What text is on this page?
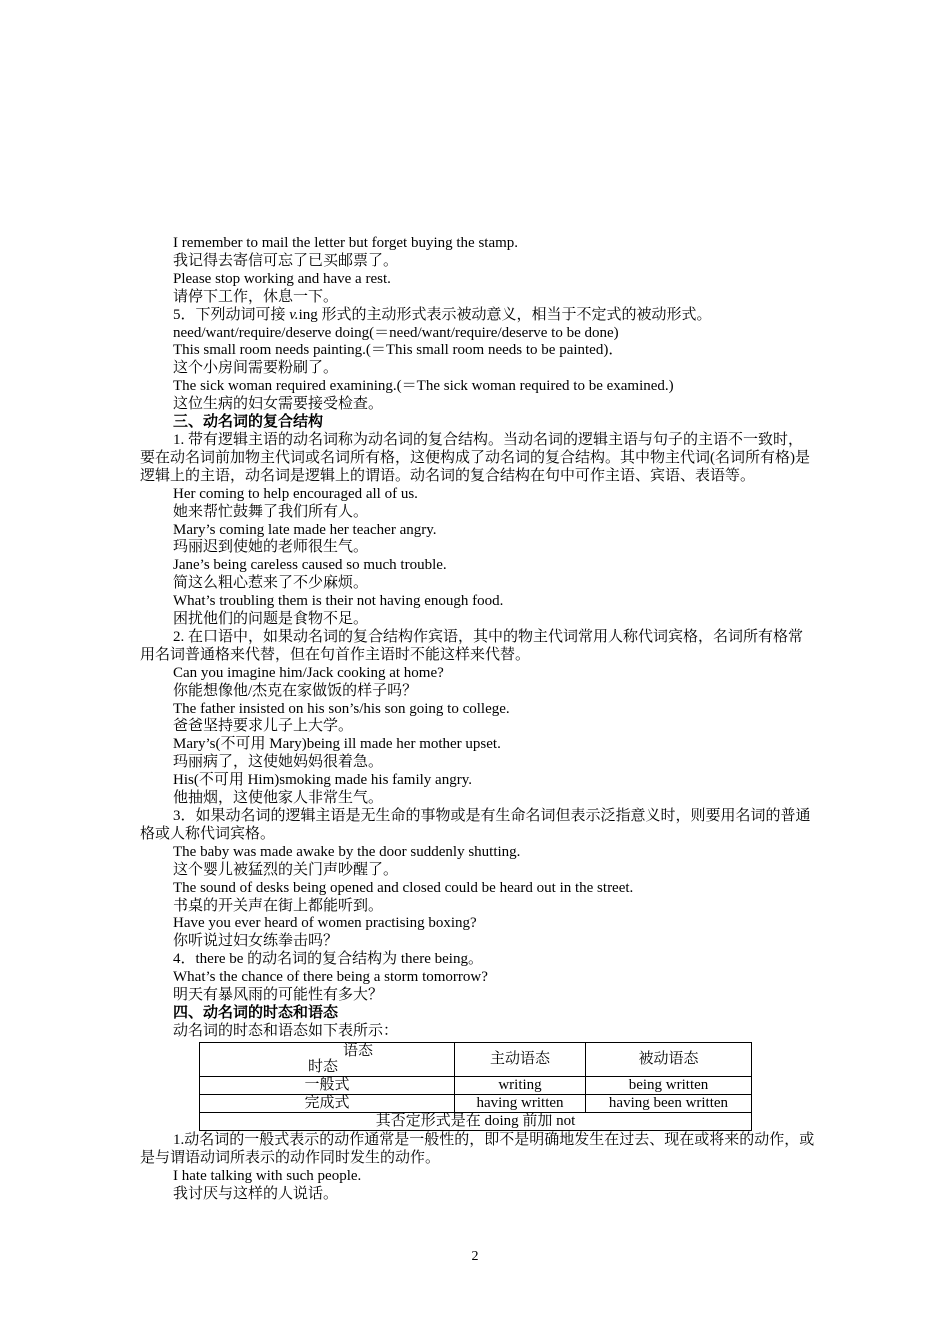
I remember to mail the letter but forget buying the stamp.

我记得去寄信可忘了已买邮票了。

Please stop working and have a rest.

请停下工作，休息一下。

5．下列动词可接 v.ing 形式的主动形式表示被动意义，相当于不定式的被动形式。

need/want/require/deserve doing(＝need/want/require/deserve to be done)

This small room needs painting.(＝This small room needs to be painted)．

这个小房间需要粉刷了。

The sick woman required examining.(＝The sick woman required to be examined.)

这位生病的妇女需要接受检查。

三、动名词的复合结构

1. 带有逻辑主语的动名词称为动名词的复合结构。当动名词的逻辑主语与句子的主语不一致时，要在动名词前加物主代词或名词所有格，这便构成了动名词的复合结构。其中物主代词(名词所有格)是逻辑上的主语，动名词是逻辑上的谓语。动名词的复合结构在句中可作主语、宾语、表语等。

Her coming to help encouraged all of us.

她来帮忙鼓舞了我们所有人。

Mary’s coming late made her teacher angry.

玛丽迟到使她的老师很生气。

Jane’s being careless caused so much trouble.

简这么粗心惹来了不少麻烦。

What’s troubling them is their not having enough food.

困扰他们的问题是食物不足。

2. 在口语中，如果动名词的复合结构作宾语，其中的物主代词常用人称代词宾格，名词所有格常用名词普通格来代替，但在句首作主语时不能这样来代替。

Can you imagine him/Jack cooking at home?

你能想像他/杰克在家做饭的样子吗？

The father insisted on his son’s/his son going to college.

爸爸坚持要求儿子上大学。

Mary’s(不可用 Mary)being ill made her mother upset.

玛丽病了，这使她妈妈很着急。

His(不可用 Him)smoking made his family angry.

他抽烟，这使他家人非常生气。

3．如果动名词的逻辑主语是无生命的事物或是有生命名词但表示泛指意义时，则要用名词的普通格或人称代词宾格。

The baby was made awake by the door suddenly shutting.

这个婴儿被猛烈的关门声吵醒了。

The sound of desks being opened and closed could be heard out in the street.

书桌的开关声在街上都能听到。

Have you ever heard of women practising boxing?

你听说过妇女练拳击吗？

4．there be 的动名词的复合结构为 there being。

What’s the chance of there being a storm tomorrow?

明天有暴风雨的可能性有多大？

四、动名词的时态和语态

动名词的时态和语态如下表所示：

语态
时态	主动语态	被动语态
一般式	writing	being written
完成式	having written	having been written
其否定形式是在 doing 前加 not		

1.动名词的一般式表示的动作通常是一般性的，即不是明确地发生在过去、现在或将来的动作，或是与谓语动词所表示的动作同时发生的动作。

I hate talking with such people.

我讨厌与这样的人说话。

2
